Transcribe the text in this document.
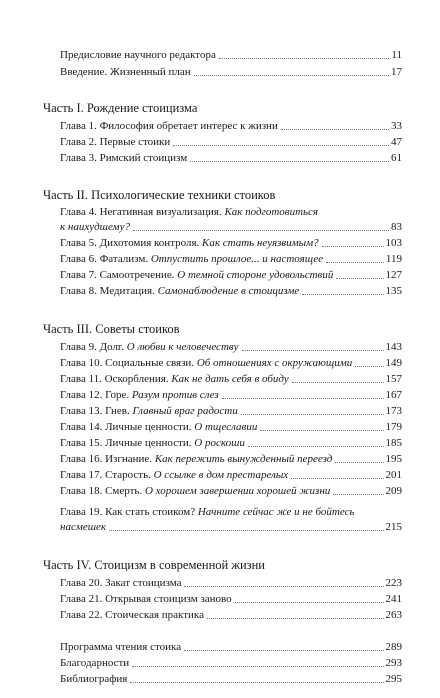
Предисловие научного редактора	11
Введение. Жизненный план	17
Часть I. Рождение стоицизма
Глава 1. Философия обретает интерес к жизни	33
Глава 2. Первые стоики	47
Глава 3. Римский стоицизм	61
Часть II. Психологические техники стоиков
Глава 4. Негативная визуализация. Как подготовиться
к наихудшему?	83
Глава 5. Дихотомия контроля. Как стать неуязвимым?	103
Глава 6. Фатализм. Отпустить прошлое... и настоящее	119
Глава 7. Самоотречение. О темной стороне удовольствий	127
Глава 8. Медитация. Самонаблюдение в стоицизме	135
Часть III. Советы стоиков
Глава 9. Долг. О любви к человечеству	143
Глава 10. Социальные связи. Об отношениях с окружающими	149
Глава 11. Оскорбления. Как не дать себя в обиду	157
Глава 12. Горе. Разум против слез	167
Глава 13. Гнев. Главный враг радости	173
Глава 14. Личные ценности. О тщеславии	179
Глава 15. Личные ценности. О роскоши	185
Глава 16. Изгнание. Как пережить вынужденный переезд	195
Глава 17. Старость. О ссылке в дом престарелых	201
Глава 18. Смерть. О хорошем завершении хорошей жизни	209
Глава 19. Как стать стоиком? Начните сейчас же и не бойтесь
насмешек	215
Часть IV. Стоицизм в современной жизни
Глава 20. Закат стоицизма	223
Глава 21. Открывая стоицизм заново	241
Глава 22. Стоическая практика	263
Программа чтения стоика	289
Благодарности	293
Библиография	295
